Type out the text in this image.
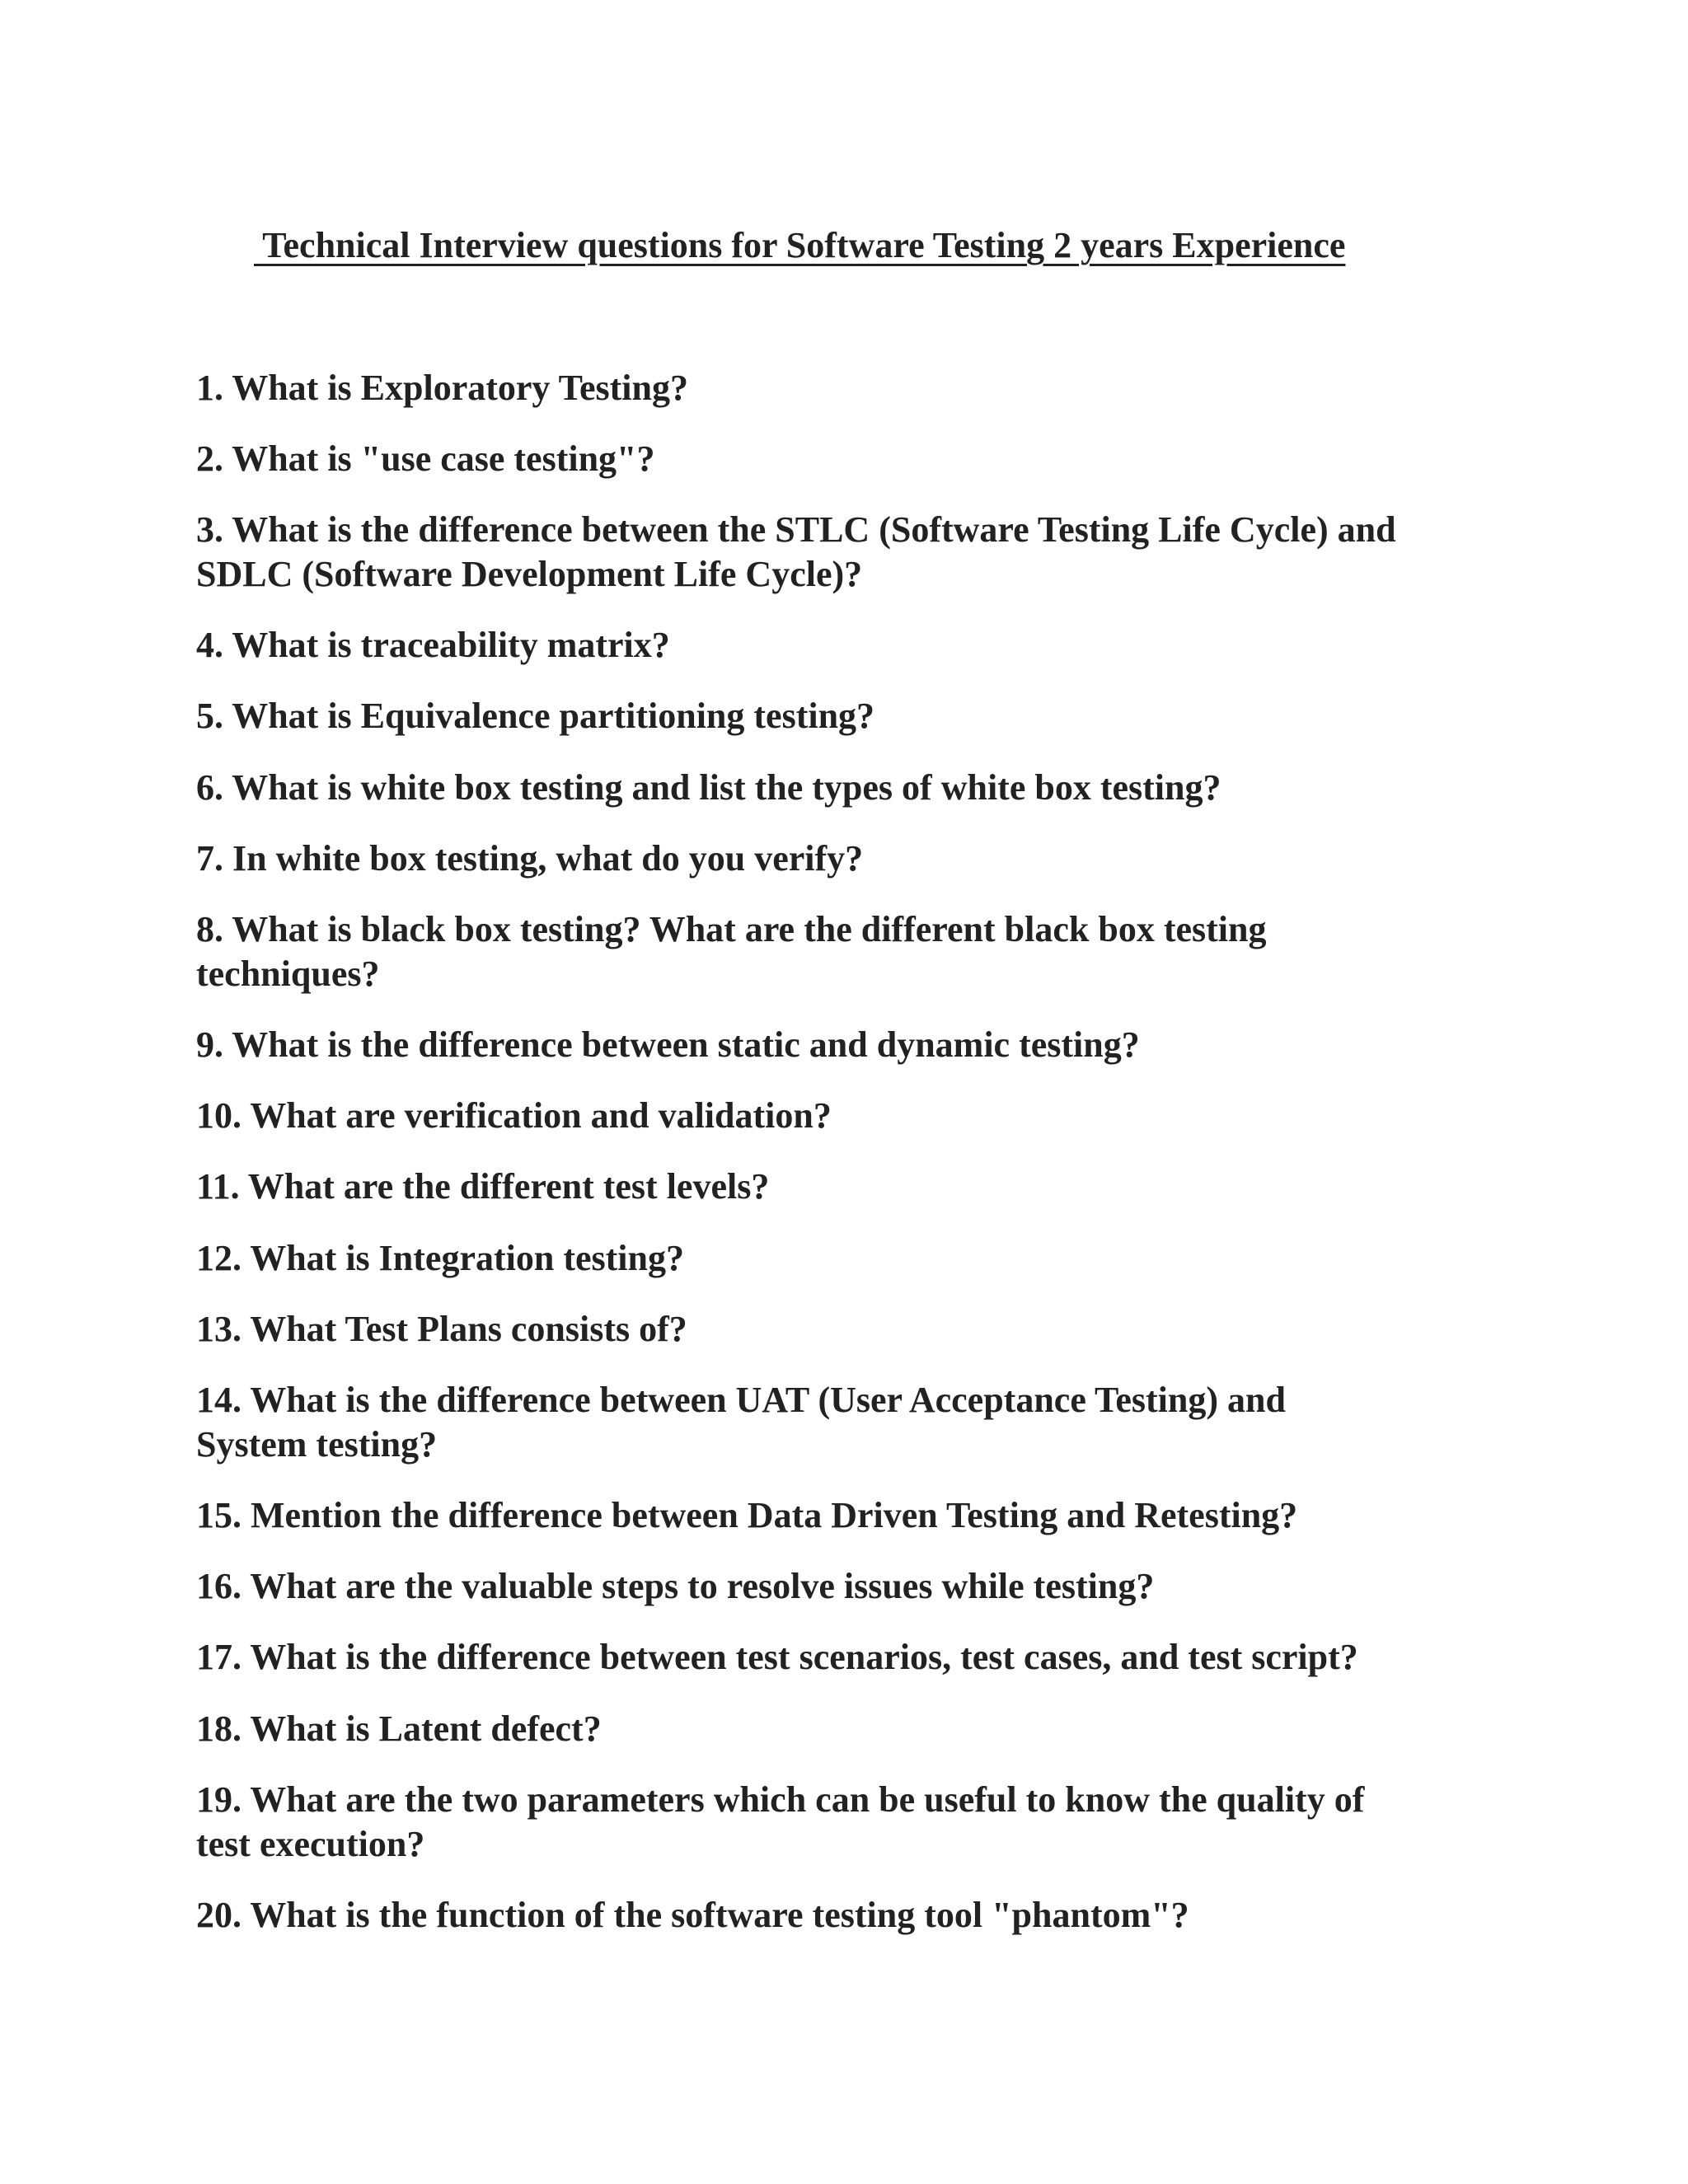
Technical Interview questions for Software Testing 2 years Experience
1. What is Exploratory Testing?
2. What is "use case testing"?
3. What is the difference between the STLC (Software Testing Life Cycle) and
SDLC (Software Development Life Cycle)?
4. What is traceability matrix?
5. What is Equivalence partitioning testing?
6. What is white box testing and list the types of white box testing?
7. In white box testing, what do you verify?
8. What is black box testing? What are the different black box testing
techniques?
9. What is the difference between static and dynamic testing?
10. What are verification and validation?
11. What are the different test levels?
12. What is Integration testing?
13. What Test Plans consists of?
14. What is the difference between UAT (User Acceptance Testing) and
System testing?
15. Mention the difference between Data Driven Testing and Retesting?
16. What are the valuable steps to resolve issues while testing?
17. What is the difference between test scenarios, test cases, and test script?
18. What is Latent defect?
19. What are the two parameters which can be useful to know the quality of
test execution?
20. What is the function of the software testing tool "phantom"?
